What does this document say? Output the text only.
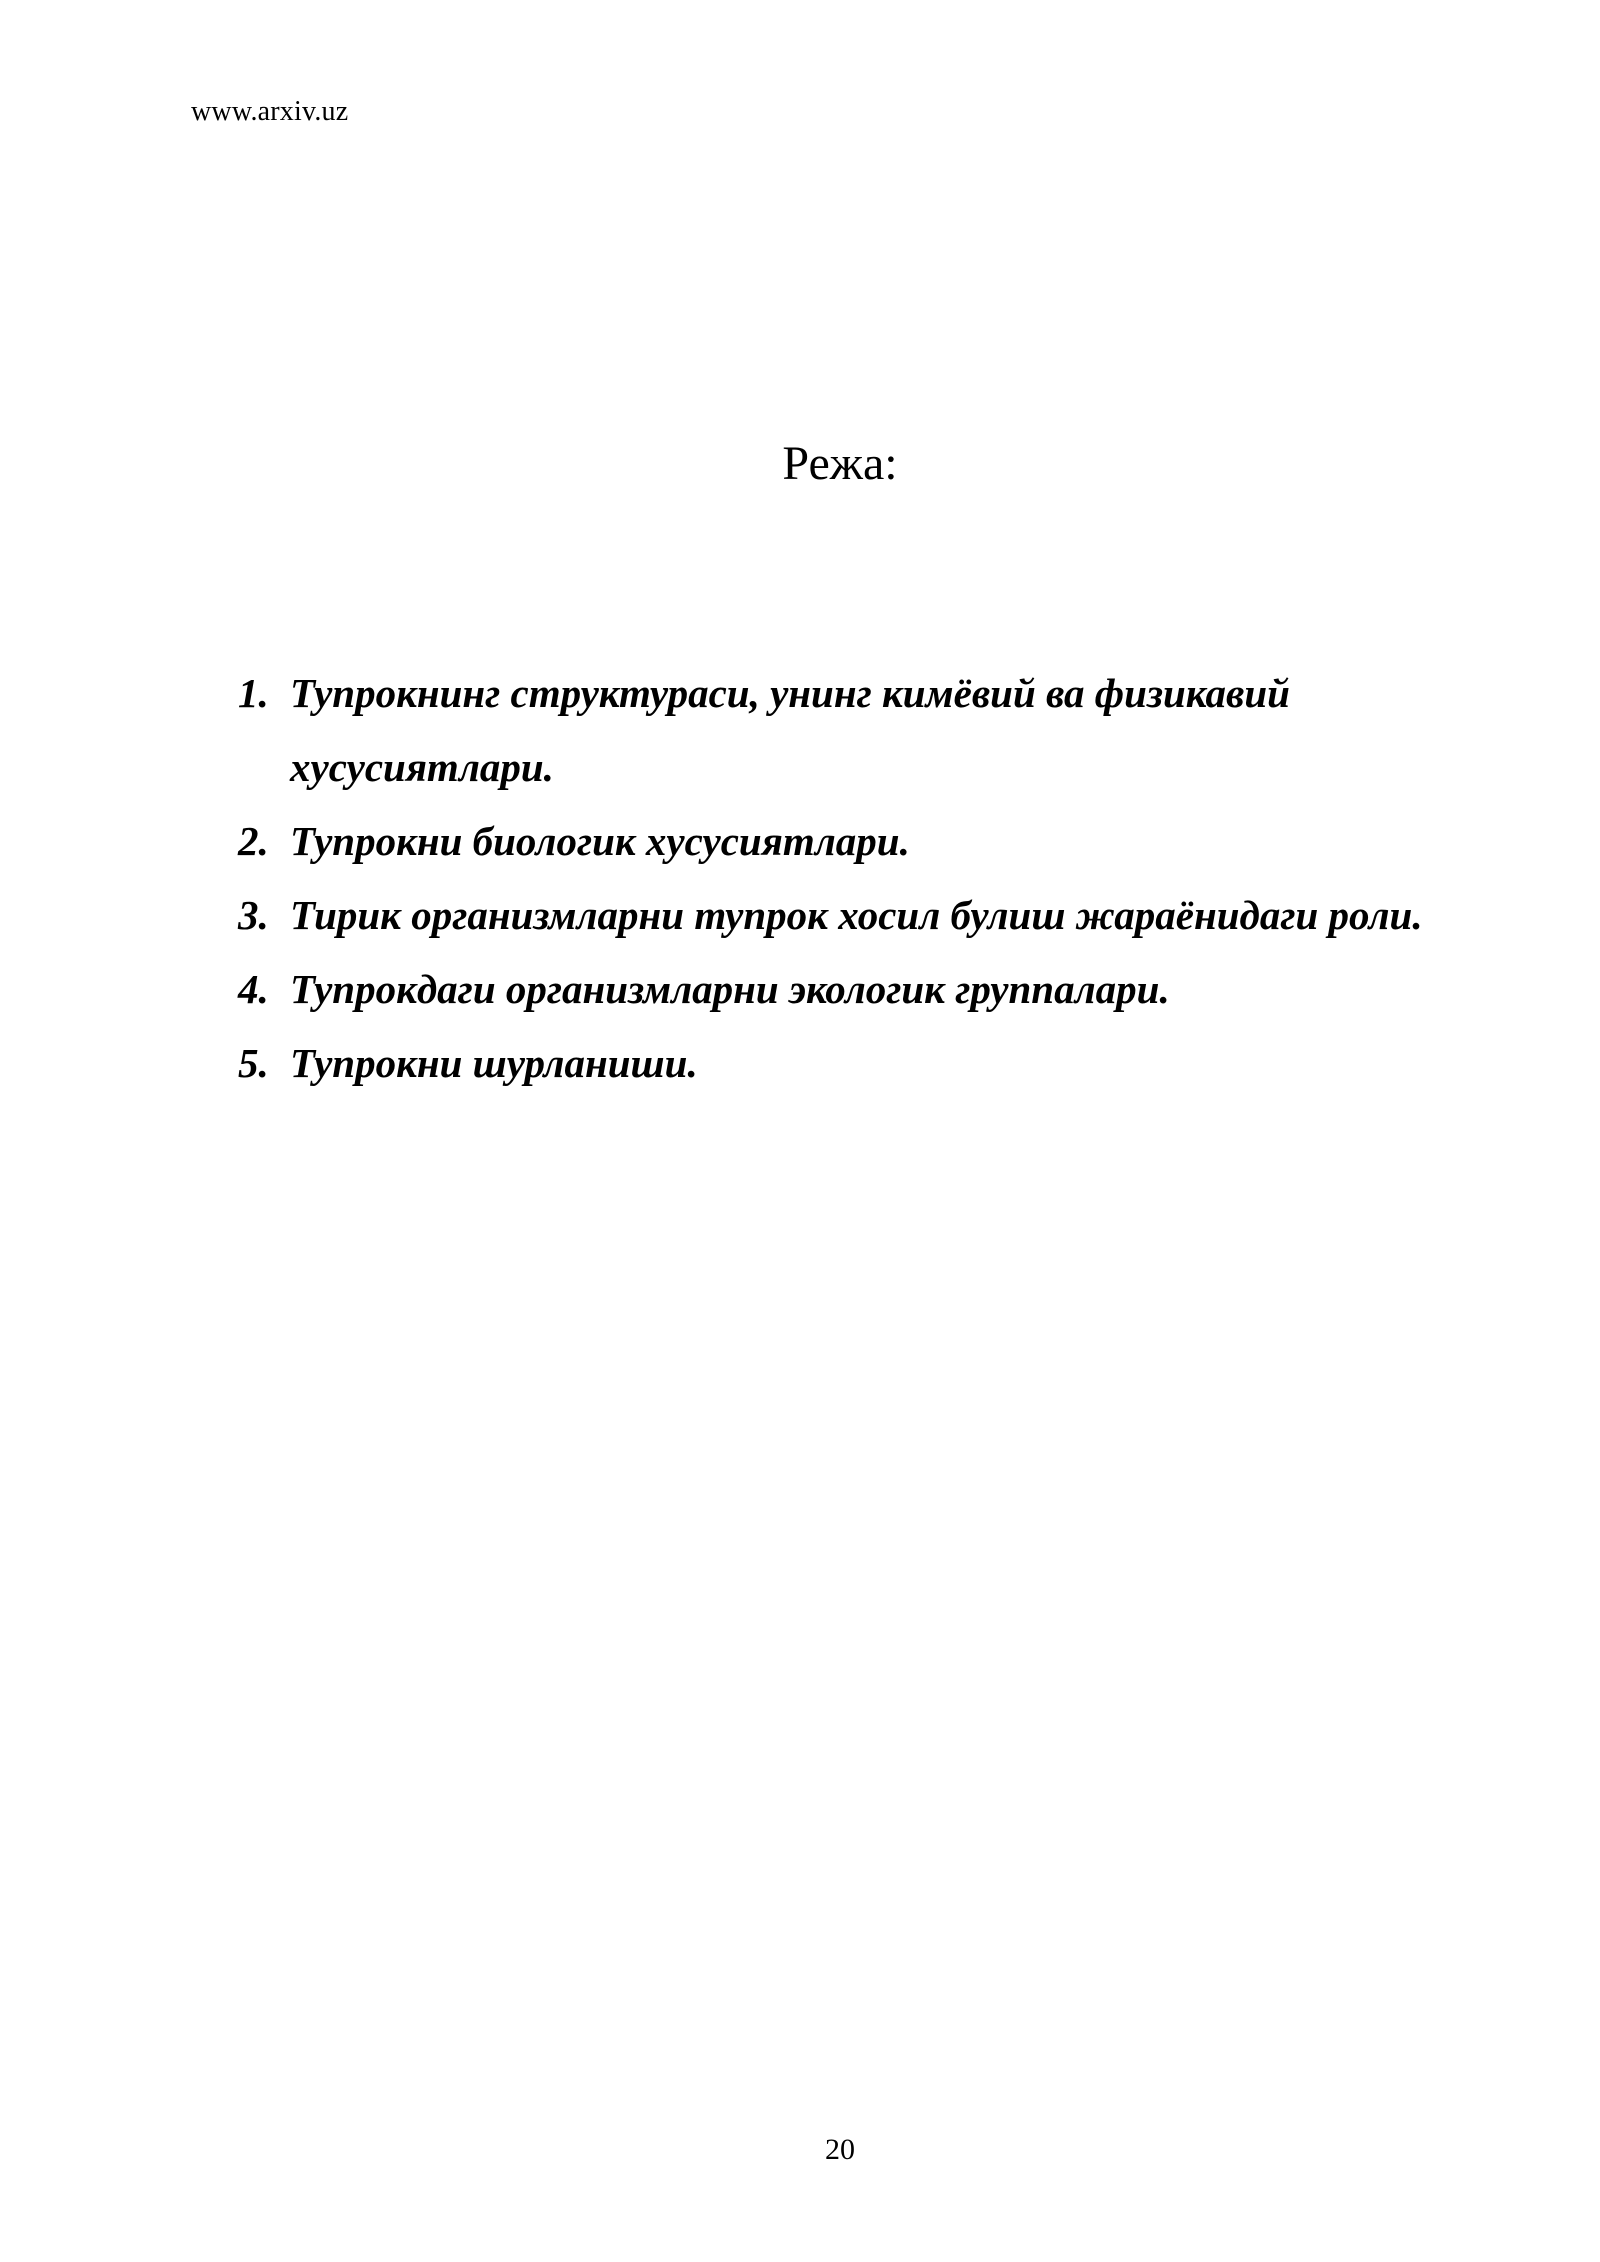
www.arxiv.uz
Режа:
1. Тупрокнинг структураси, унинг кимёвий ва физикавий хусусиятлари.
2. Тупрокни биологик хусусиятлари.
3. Тирик организмларни тупрок хосил булиш жараёнидаги роли.
4. Тупрокдаги организмларни экологик группалари.
5. Тупрокни шурланиши.
20
